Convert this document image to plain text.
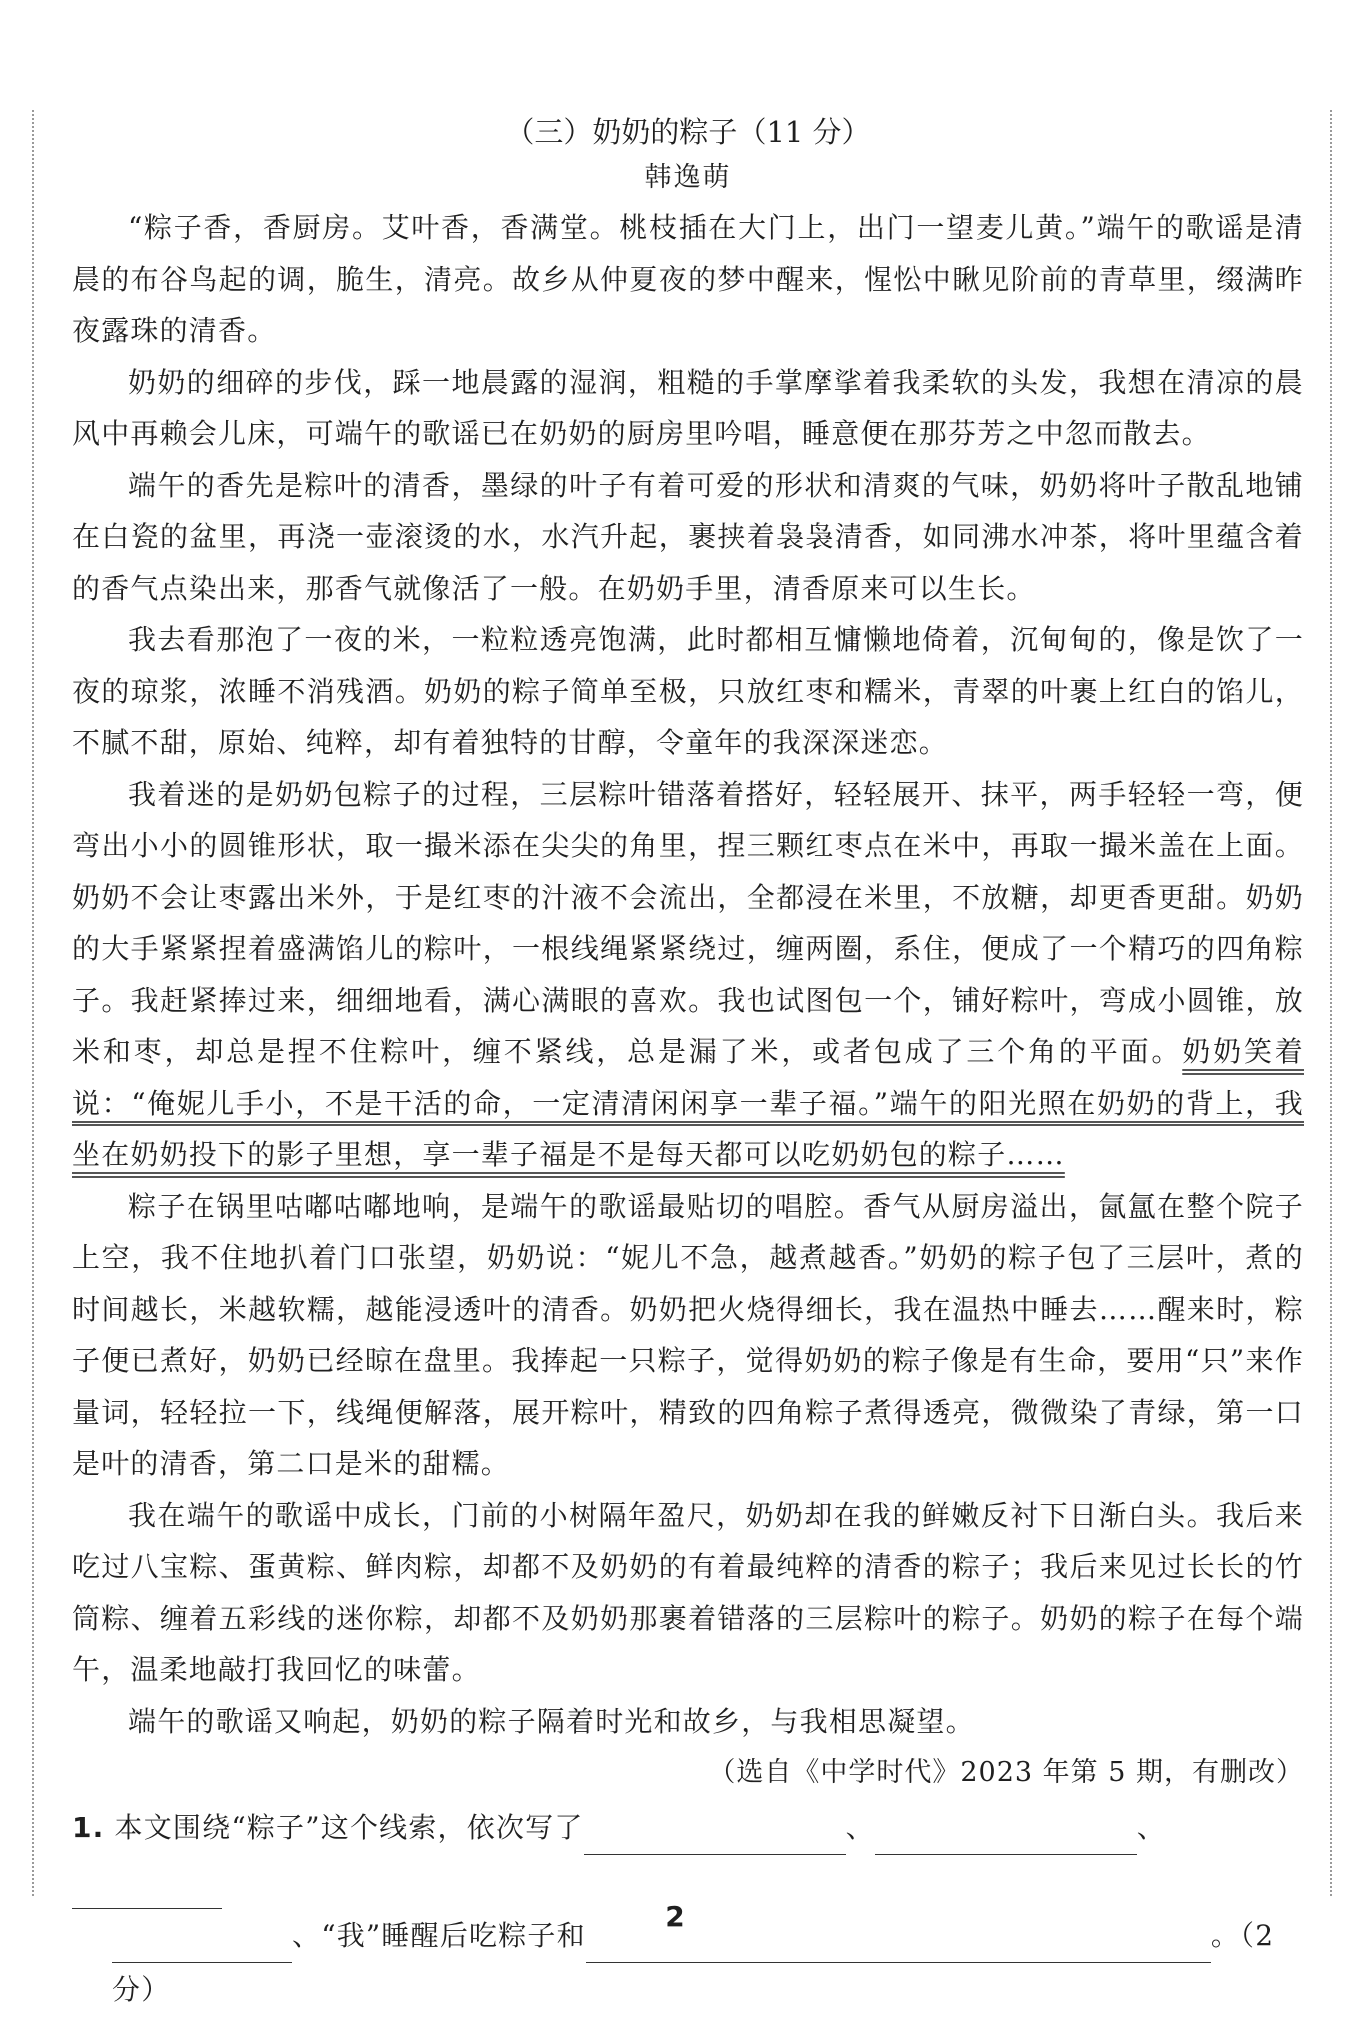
（三）奶奶的粽子（11 分）
韩逸萌

“粽子香，香厨房。艾叶香，香满堂。桃枝插在大门上，出门一望麦儿黄。”端午的歌谣是清晨的布谷鸟起的调，脆生，清亮。故乡从仲夏夜的梦中醒来，惺忪中瞅见阶前的青草里，缀满昨夜露珠的清香。

奶奶的细碎的步伐，踩一地晨露的湿润，粗糙的手掌摩挲着我柔软的头发，我想在清凉的晨风中再赖会儿床，可端午的歌谣已在奶奶的厨房里吟唱，睡意便在那芬芳之中忽而散去。

端午的香先是粽叶的清香，墨绿的叶子有着可爱的形状和清爽的气味，奶奶将叶子散乱地铺在白瓷的盆里，再浇一壶滚烫的水，水汽升起，裹挟着袅袅清香，如同沸水冲茶，将叶里蕴含着的香气点染出来，那香气就像活了一般。在奶奶手里，清香原来可以生长。

我去看那泡了一夜的米，一粒粒透亮饱满，此时都相互慵懒地倚着，沉甸甸的，像是饮了一夜的琼浆，浓睡不消残酒。奶奶的粽子简单至极，只放红枣和糯米，青翠的叶裹上红白的馅儿，不腻不甜，原始、纯粹，却有着独特的甘醇，令童年的我深深迷恋。

我着迷的是奶奶包粽子的过程，三层粽叶错落着搭好，轻轻展开、抹平，两手轻轻一弯，便弯出小小的圆锥形状，取一撮米添在尖尖的角里，捏三颗红枣点在米中，再取一撮米盖在上面。奶奶不会让枣露出米外，于是红枣的汁液不会流出，全都浸在米里，不放糖，却更香更甜。奶奶的大手紧紧捏着盛满馅儿的粽叶，一根线绳紧紧绕过，缠两圈，系住，便成了一个精巧的四角粽子。我赶紧捧过来，细细地看，满心满眼的喜欢。我也试图包一个，铺好粽叶，弯成小圆锥，放米和枣，却总是捏不住粽叶，缠不紧线，总是漏了米，或者包成了三个角的平面。奶奶笑着说：“俺妮儿手小，不是干活的命，一定清清闲闲享一辈子福。”端午的阳光照在奶奶的背上，我坐在奶奶投下的影子里想，享一辈子福是不是每天都可以吃奶奶包的粽子……

粽子在锅里咕嘟咕嘟地响，是端午的歌谣最贴切的唱腔。香气从厨房溢出，氤氲在整个院子上空，我不住地扒着门口张望，奶奶说：“妮儿不急，越煮越香。”奶奶的粽子包了三层叶，煮的时间越长，米越软糯，越能浸透叶的清香。奶奶把火烧得细长，我在温热中睡去……醒来时，粽子便已煮好，奶奶已经晾在盘里。我捧起一只粽子，觉得奶奶的粽子像是有生命，要用“只”来作量词，轻轻拉一下，线绳便解落，展开粽叶，精致的四角粽子煮得透亮，微微染了青绿，第一口是叶的清香，第二口是米的甜糯。

我在端午的歌谣中成长，门前的小树隔年盈尺，奶奶却在我的鲜嫩反衬下日渐白头。我后来吃过八宝粽、蛋黄粽、鲜肉粽，却都不及奶奶的有着最纯粹的清香的粽子；我后来见过长长的竹筒粽、缠着五彩线的迷你粽，却都不及奶奶那裹着错落的三层粽叶的粽子。奶奶的粽子在每个端午，温柔地敲打我回忆的味蕾。

端午的歌谣又响起，奶奶的粽子隔着时光和故乡，与我相思凝望。

（选自《中学时代》2023 年第 5 期，有删改）
1. 本文围绕“粽子”这个线索，依次写了	、	、
、“我”睡醒后吃粽子和	。（2 分）
2
